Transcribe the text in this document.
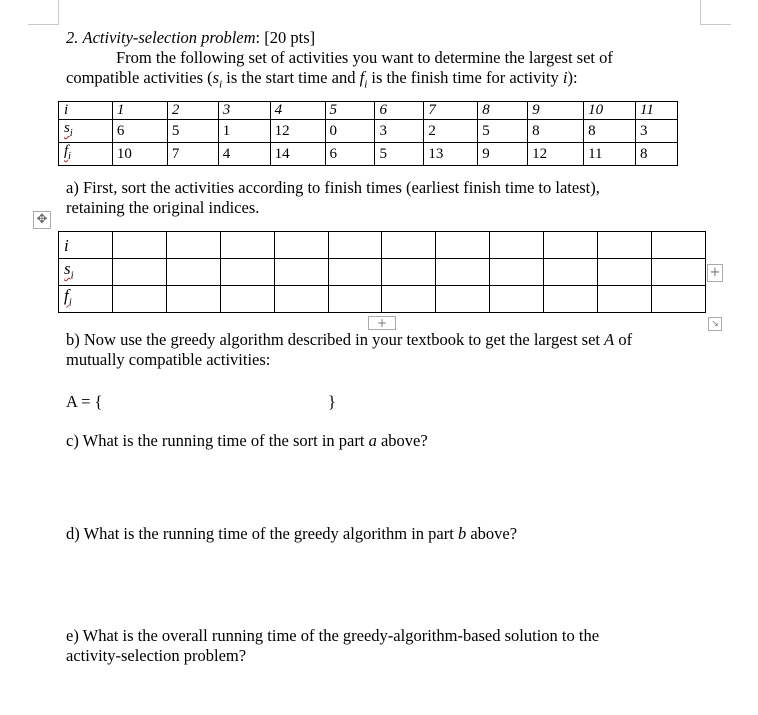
2. Activity-selection problem: [20 pts]
From the following set of activities you want to determine the largest set of
compatible activities ($s_i$ is the start time and $f_i$ is the finish time for activity i):
i	1	2	3	4	5	6	7	8	9	10	11
$s_i$	6	5	1	12	0	3	2	5	8	8	3
$f_i$	10	7	4	14	6	5	13	9	12	11	8
a) First, sort the activities according to finish times (earliest finish time to latest),
retaining the original indices.
✥
i											
$s_i$											
$f_i$											
+
+	↘
b) Now use the greedy algorithm described in your textbook to get the largest set A of
mutually compatible activities:
A = {	}
c) What is the running time of the sort in part a above?
d) What is the running time of the greedy algorithm in part b above?
e) What is the overall running time of the greedy-algorithm-based solution to the
activity-selection problem?
